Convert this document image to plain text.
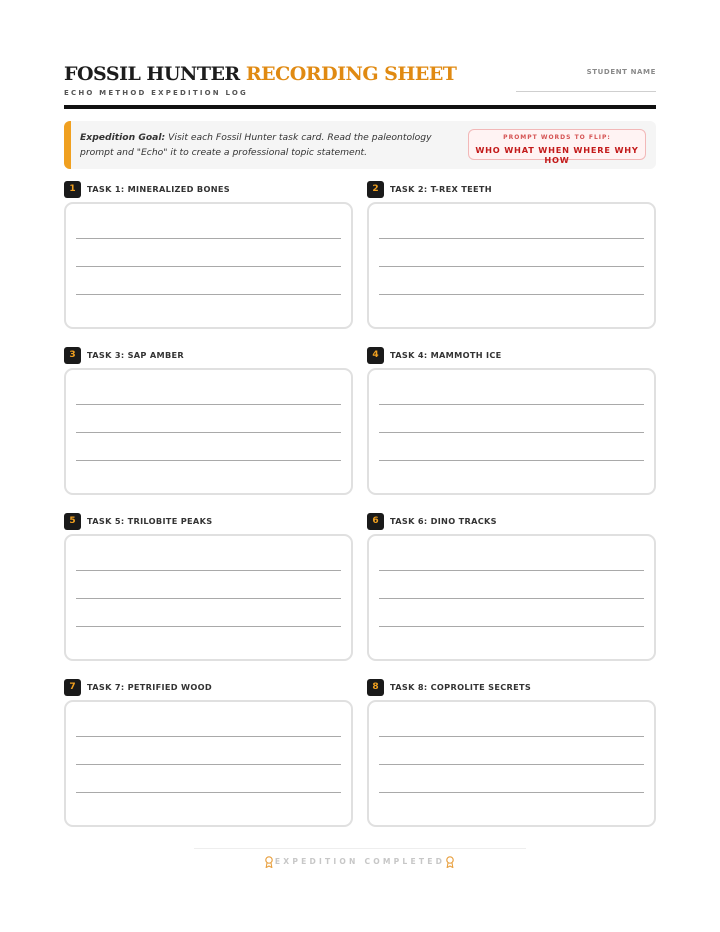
FOSSIL HUNTER RECORDING SHEET
ECHO METHOD EXPEDITION LOG
STUDENT NAME
Expedition Goal: Visit each Fossil Hunter task card. Read the paleontology prompt and "Echo" it to create a professional topic statement.
PROMPT WORDS TO FLIP:
WHO WHAT WHEN WHERE WHY HOW
1	TASK 1: MINERALIZED BONES	2	TASK 2: T-REX TEETH
3	TASK 3: SAP AMBER	4	TASK 4: MAMMOTH ICE
5	TASK 5: TRILOBITE PEAKS	6	TASK 6: DINO TRACKS
7	TASK 7: PETRIFIED WOOD	8	TASK 8: COPROLITE SECRETS
EXPEDITION COMPLETED
